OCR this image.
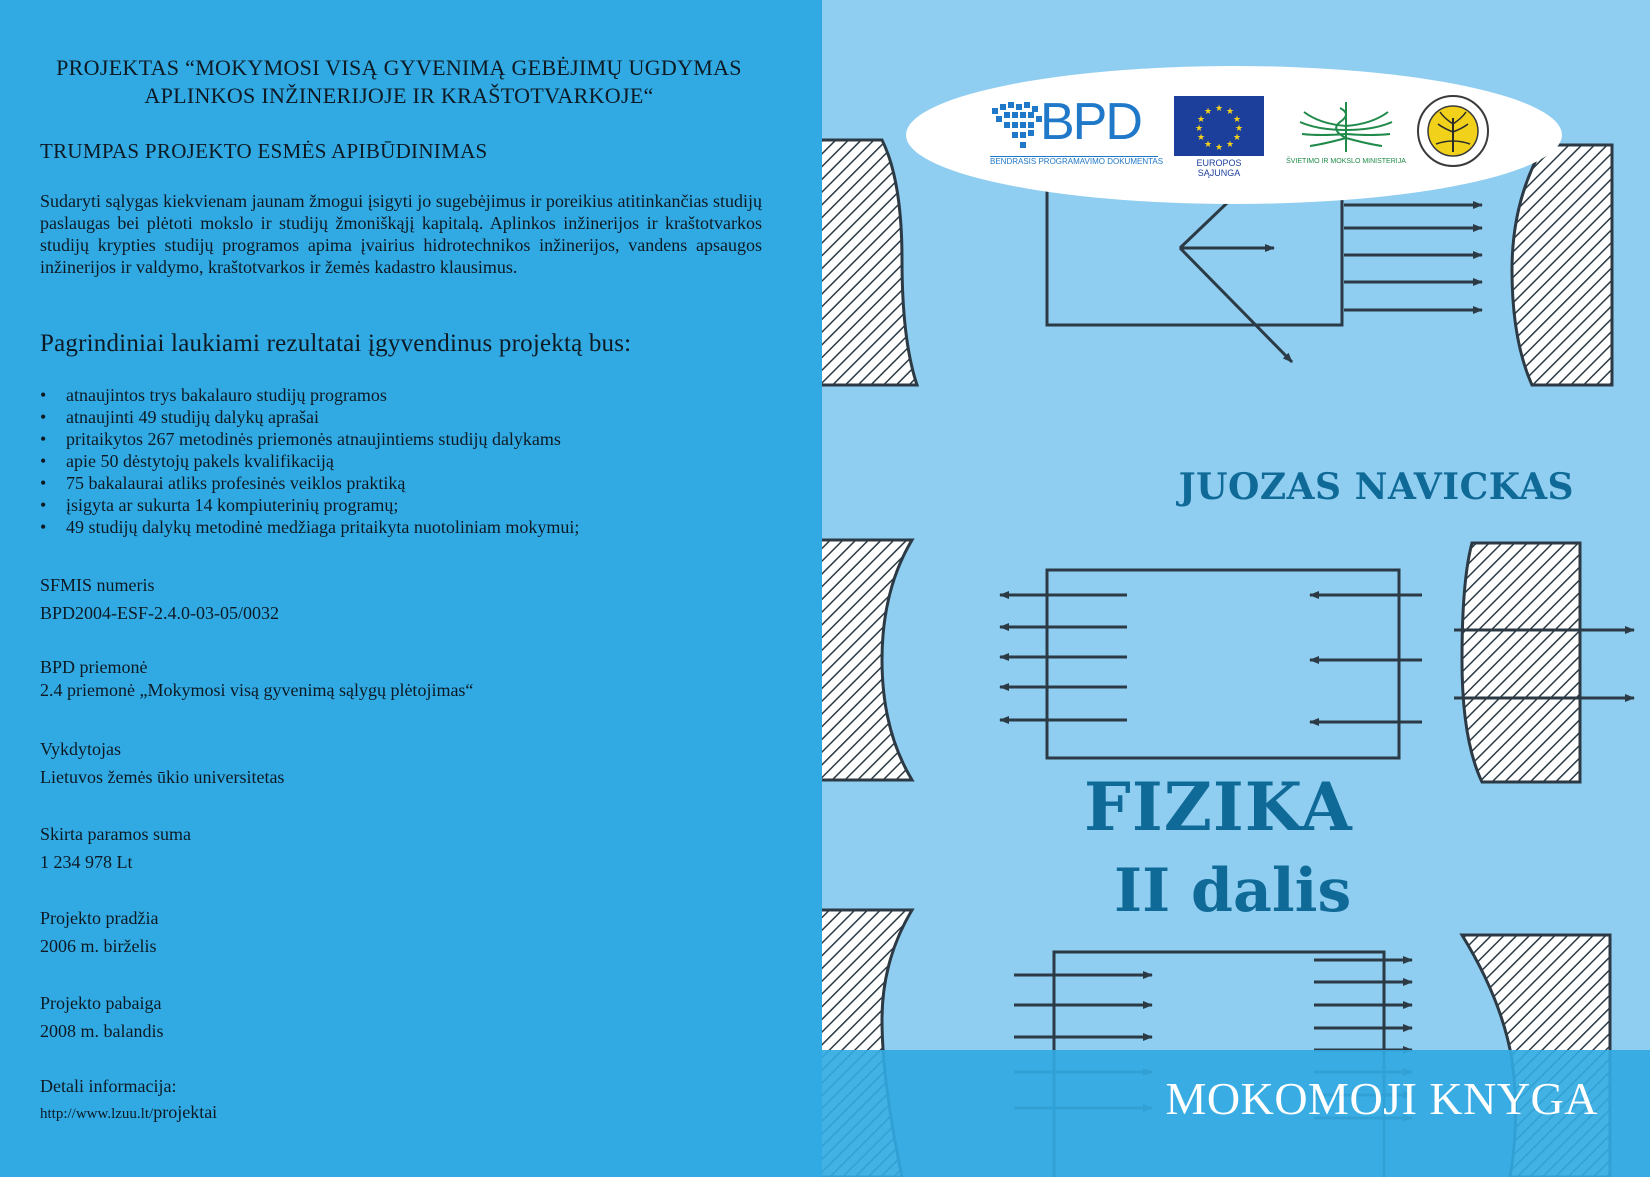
PROJEKTAS “MOKYMOSI VISĄ GYVENIMĄ GEBĖJIMŲ UGDYMAS
APLINKOS INŽINERIJOJE IR KRAŠTOTVARKOJE“
TRUMPAS PROJEKTO ESMĖS APIBŪDINIMAS
Sudaryti sąlygas kiekvienam jaunam žmogui įsigyti jo sugebėjimus ir poreikius atitinkančias studijų paslaugas bei plėtoti mokslo ir studijų žmoniškąjį kapitalą. Aplinkos inžinerijos ir kraštotvarkos studijų krypties studijų programos apima įvairius hidrotechnikos inžinerijos, vandens apsaugos inžinerijos ir valdymo, kraštotvarkos ir žemės kadastro klausimus.
Pagrindiniai laukiami rezultatai įgyvendinus projektą bus:
• atnaujintos trys bakalauro studijų programos
• atnaujinti 49 studijų dalykų aprašai
• pritaikytos 267 metodinės priemonės atnaujintiems studijų dalykams
• apie 50 dėstytojų pakels kvalifikaciją
• 75 bakalaurai atliks profesinės veiklos praktiką
• įsigyta ar sukurta 14 kompiuterinių programų;
• 49 studijų dalykų metodinė medžiaga pritaikyta nuotoliniam mokymui;
SFMIS numeris
BPD2004-ESF-2.4.0-03-05/0032
BPD priemonė
2.4 priemonė „Mokymosi visą gyvenimą sąlygų plėtojimas“
Vykdytojas
Lietuvos žemės ūkio universitetas
Skirta paramos suma
1 234 978 Lt
Projekto pradžia
2006 m. birželis
Projekto pabaiga
2008 m. balandis
Detali informacija:
http://www.lzuu.lt/projektai
BPD
BENDRASIS PROGRAMAVIMO DOKUMENTAS
★ ★
★
★
★
★
★
★
★
★
★
★
EUROPOS SĄJUNGA
ŠVIETIMO IR MOKSLO MINISTERIJA
JUOZAS NAVICKAS
FIZIKA
II dalis
MOKOMOJI KNYGA
